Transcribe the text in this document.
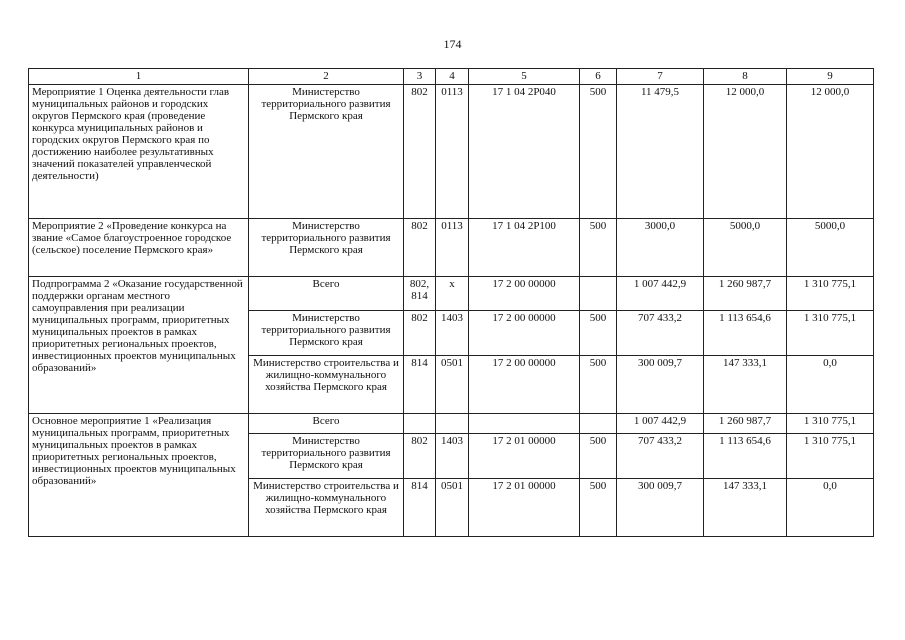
174
1	2	3	4	5	6	7	8	9
Мероприятие 1 Оценка деятельности глав муниципальных районов и городских округов Пермского края (проведение конкурса муниципальных районов и городских округов Пермского края по достижению наиболее результативных значений показателей управленческой деятельности)	Министерство территориального развития Пермского края	802	0113	17 1 04 2Р040	500	11 479,5	12 000,0	12 000,0
Мероприятие 2 «Проведение конкурса на звание «Самое благоустроенное городское (сельское) поселение Пермского края»	Министерство территориального развития Пермского края	802	0113	17 1 04 2Р100	500	3000,0	5000,0	5000,0
Подпрограмма 2 «Оказание государственной поддержки органам местного самоуправления при реализации муниципальных программ, приоритетных муниципальных проектов в рамках приоритетных региональных проектов, инвестиционных проектов муниципальных образований»	Всего	802, 814	х	17 2 00 00000		1 007 442,9	1 260 987,7	1 310 775,1
	Министерство территориального развития Пермского края	802	1403	17 2 00 00000	500	707 433,2	1 113 654,6	1 310 775,1
	Министерство строительства и жилищно-коммунального хозяйства Пермского края	814	0501	17 2 00 00000	500	300 009,7	147 333,1	0,0
Основное мероприятие 1 «Реализация муниципальных программ, приоритетных муниципальных проектов в рамках приоритетных региональных проектов, инвестиционных проектов муниципальных образований»	Всего					1 007 442,9	1 260 987,7	1 310 775,1
	Министерство территориального развития Пермского края	802	1403	17 2 01 00000	500	707 433,2	1 113 654,6	1 310 775,1
	Министерство строительства и жилищно-коммунального хозяйства Пермского края	814	0501	17 2 01 00000	500	300 009,7	147 333,1	0,0
